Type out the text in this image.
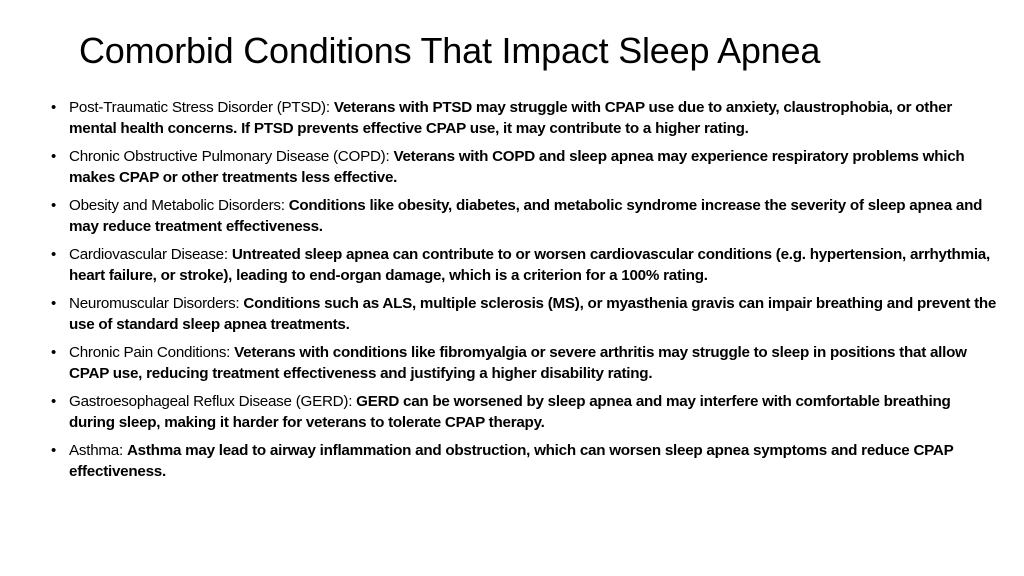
Comorbid Conditions That Impact Sleep Apnea
• Post-Traumatic Stress Disorder (PTSD): Veterans with PTSD may struggle with CPAP use due to anxiety, claustrophobia, or other mental health concerns. If PTSD prevents effective CPAP use, it may contribute to a higher rating.
• Chronic Obstructive Pulmonary Disease (COPD): Veterans with COPD and sleep apnea may experience respiratory problems which makes CPAP or other treatments less effective.
• Obesity and Metabolic Disorders: Conditions like obesity, diabetes, and metabolic syndrome increase the severity of sleep apnea and may reduce treatment effectiveness.
• Cardiovascular Disease: Untreated sleep apnea can contribute to or worsen cardiovascular conditions (e.g. hypertension, arrhythmia, heart failure, or stroke), leading to end-organ damage, which is a criterion for a 100% rating.
• Neuromuscular Disorders: Conditions such as ALS, multiple sclerosis (MS), or myasthenia gravis can impair breathing and prevent the use of standard sleep apnea treatments.
• Chronic Pain Conditions: Veterans with conditions like fibromyalgia or severe arthritis may struggle to sleep in positions that allow CPAP use, reducing treatment effectiveness and justifying a higher disability rating.
• Gastroesophageal Reflux Disease (GERD): GERD can be worsened by sleep apnea and may interfere with comfortable breathing during sleep, making it harder for veterans to tolerate CPAP therapy.
• Asthma: Asthma may lead to airway inflammation and obstruction, which can worsen sleep apnea symptoms and reduce CPAP effectiveness.
